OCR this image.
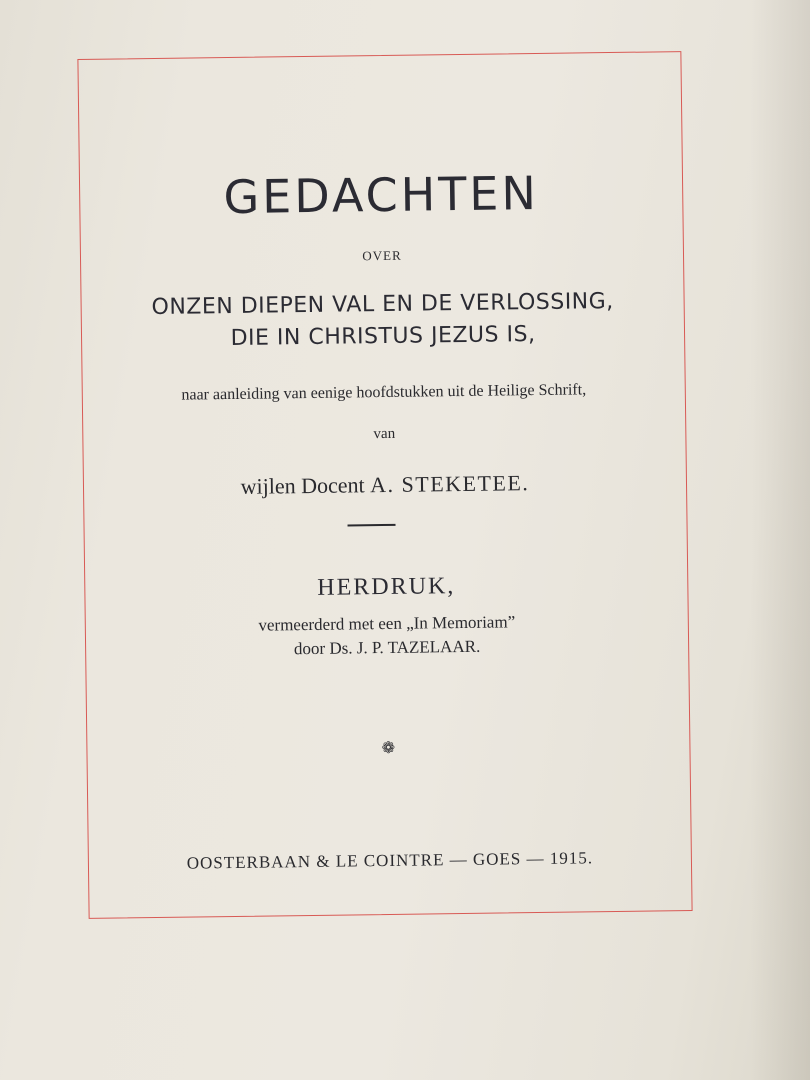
GEDACHTEN
OVER
ONZEN DIEPEN VAL EN DE VERLOSSING,
DIE IN CHRISTUS JEZUS IS,
naar aanleiding van eenige hoofdstukken uit de Heilige Schrift,
van
wijlen Docent A. STEKETEE.
HERDRUK,
vermeerderd met een „In Memoriam”
door Ds. J. P. TAZELAAR.
❁
OOSTERBAAN & LE COINTRE — GOES — 1915.
